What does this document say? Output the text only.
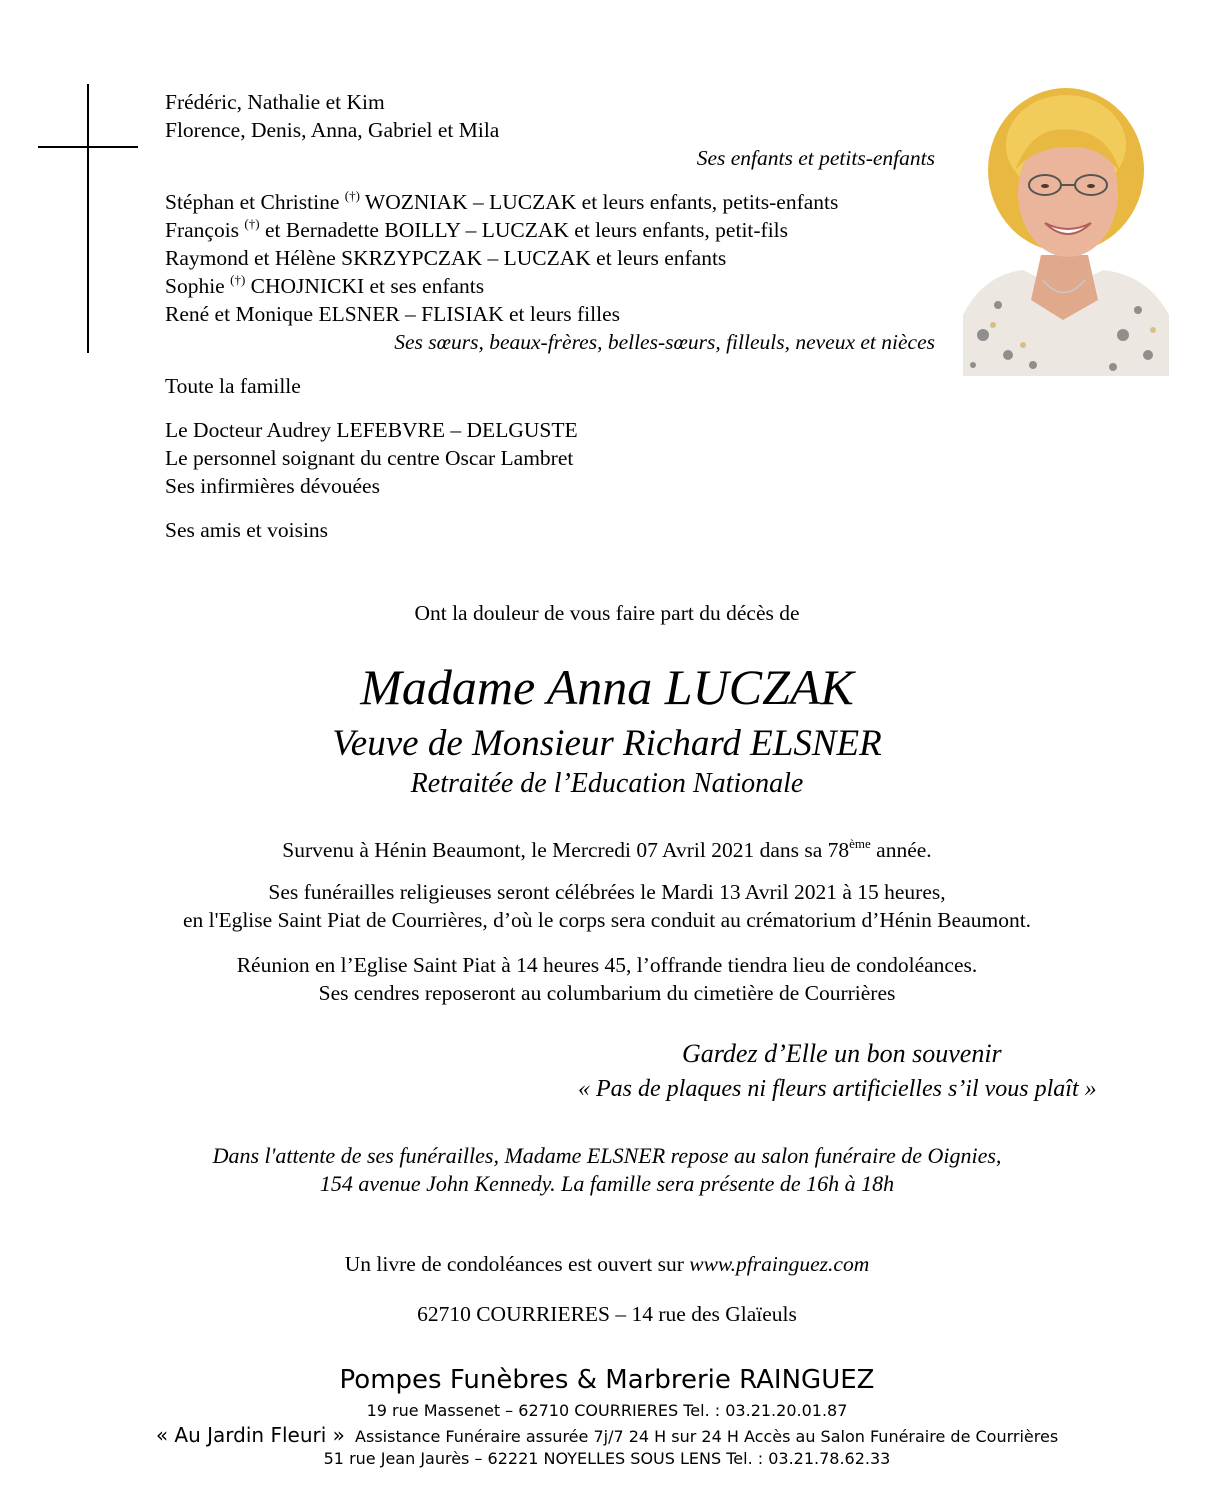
Frédéric, Nathalie et Kim
Florence, Denis, Anna, Gabriel et Mila
Ses enfants et petits-enfants
Stéphan et Christine (†) WOZNIAK – LUCZAK et leurs enfants, petits-enfants
François (†) et Bernadette BOILLY – LUCZAK et leurs enfants, petit-fils
Raymond et Hélène SKRZYPCZAK – LUCZAK et leurs enfants
Sophie (†) CHOJNICKI et ses enfants
René et Monique ELSNER – FLISIAK et leurs filles
Ses sœurs, beaux-frères, belles-sœurs, filleuls, neveux et nièces
Toute la famille
Le Docteur Audrey LEFEBVRE – DELGUSTE
Le personnel soignant du centre Oscar Lambret
Ses infirmières dévouées
Ses amis et voisins
Ont la douleur de vous faire part du décès de
Madame Anna LUCZAK
Veuve de Monsieur Richard ELSNER
Retraitée de l’Education Nationale
Survenu à Hénin Beaumont, le Mercredi 07 Avril 2021 dans sa 78ème année.
Ses funérailles religieuses seront célébrées le Mardi 13 Avril 2021 à 15 heures,
en l'Eglise Saint Piat de Courrières, d’où le corps sera conduit au crématorium d’Hénin Beaumont.
Réunion en l’Eglise Saint Piat à 14 heures 45, l’offrande tiendra lieu de condoléances.
Ses cendres reposeront au columbarium du cimetière de Courrières
Gardez d’Elle un bon souvenir
« Pas de plaques ni fleurs artificielles s’il vous plaît »
Dans l'attente de ses funérailles, Madame ELSNER repose au salon funéraire de Oignies,
154 avenue John Kennedy. La famille sera présente de 16h à 18h
Un livre de condoléances est ouvert sur www.pfrainguez.com
62710 COURRIERES – 14 rue des Glaïeuls
Pompes Funèbres & Marbrerie RAINGUEZ
19 rue Massenet – 62710 COURRIERES Tel. : 03.21.20.01.87
« Au Jardin Fleuri » Assistance Funéraire assurée 7j/7 24 H sur 24 H Accès au Salon Funéraire de Courrières
51 rue Jean Jaurès – 62221 NOYELLES SOUS LENS Tel. : 03.21.78.62.33
